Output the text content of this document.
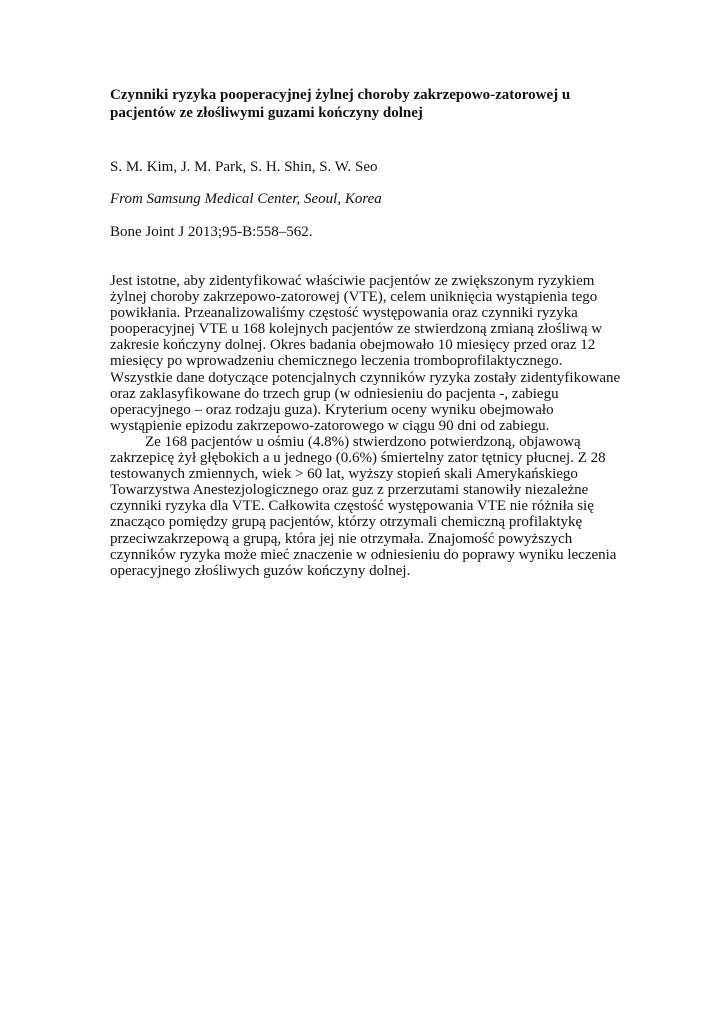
Czynniki ryzyka pooperacyjnej żylnej choroby zakrzepowo-zatorowej u pacjentów ze złośliwymi guzami kończyny dolnej

S. M. Kim, J. M. Park, S. H. Shin, S. W. Seo

From Samsung Medical Center, Seoul, Korea

Bone Joint J 2013;95-B:558–562.

Jest istotne, aby zidentyfikować właściwie pacjentów ze zwiększonym ryzykiem żylnej choroby zakrzepowo-zatorowej (VTE), celem uniknięcia wystąpienia tego powikłania. Przeanalizowaliśmy częstość występowania oraz czynniki ryzyka pooperacyjnej VTE u 168 kolejnych pacjentów ze stwierdzoną zmianą złośliwą w zakresie kończyny dolnej. Okres badania obejmowało 10 miesięcy przed oraz 12 miesięcy po wprowadzeniu chemicznego leczenia tromboprofilaktycznego. Wszystkie dane dotyczące potencjalnych czynników ryzyka zostały zidentyfikowane oraz zaklasyfikowane do trzech grup (w odniesieniu do pacjenta -, zabiegu operacyjnego – oraz rodzaju guza). Kryterium oceny wyniku obejmowało wystąpienie epizodu zakrzepowo-zatorowego w ciągu 90 dni od zabiegu.

Ze 168 pacjentów u ośmiu (4.8%) stwierdzono potwierdzoną, objawową zakrzepicę żył głębokich a u jednego (0.6%) śmiertelny zator tętnicy płucnej. Z 28 testowanych zmiennych, wiek > 60 lat, wyższy stopień skali Amerykańskiego Towarzystwa Anestezjologicznego oraz guz z przerzutami stanowiły niezależne czynniki ryzyka dla VTE. Całkowita częstość występowania VTE nie różniła się znacząco pomiędzy grupą pacjentów, którzy otrzymali chemiczną profilaktykę przeciwzakrzepową a grupą, która jej nie otrzymała. Znajomość powyższych czynników ryzyka może mieć znaczenie w odniesieniu do poprawy wyniku leczenia operacyjnego złośliwych guzów kończyny dolnej.
